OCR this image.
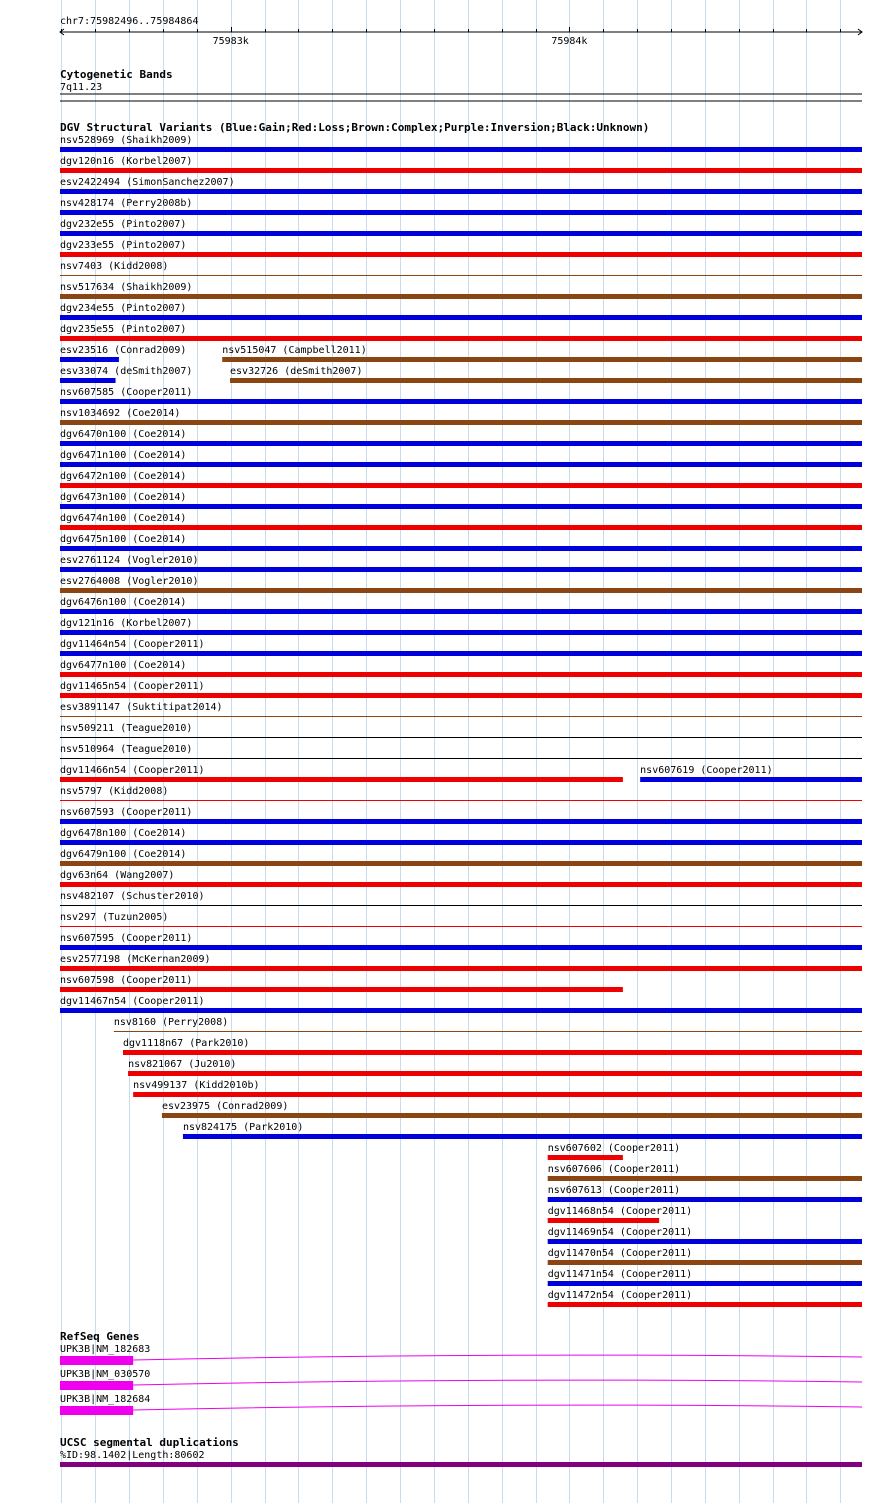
chr7:75982496..75984864
75983k	75984k
Cytogenetic Bands
7q11.23
DGV Structural Variants (Blue:Gain;Red:Loss;Brown:Complex;Purple:Inversion;Black:Unknown)
nsv528969 (Shaikh2009)
dgv120n16 (Korbel2007)
esv2422494 (SimonSanchez2007)
nsv428174 (Perry2008b)
dgv232e55 (Pinto2007)
dgv233e55 (Pinto2007)
nsv7403 (Kidd2008)
nsv517634 (Shaikh2009)
dgv234e55 (Pinto2007)
dgv235e55 (Pinto2007)
esv23516 (Conrad2009)	nsv515047 (Campbell2011)
esv33074 (deSmith2007)	esv32726 (deSmith2007)
nsv607585 (Cooper2011)
nsv1034692 (Coe2014)
dgv6470n100 (Coe2014)
dgv6471n100 (Coe2014)
dgv6472n100 (Coe2014)
dgv6473n100 (Coe2014)
dgv6474n100 (Coe2014)
dgv6475n100 (Coe2014)
esv2761124 (Vogler2010)
esv2764008 (Vogler2010)
dgv6476n100 (Coe2014)
dgv121n16 (Korbel2007)
dgv11464n54 (Cooper2011)
dgv6477n100 (Coe2014)
dgv11465n54 (Cooper2011)
esv3891147 (Suktitipat2014)
nsv509211 (Teague2010)
nsv510964 (Teague2010)
dgv11466n54 (Cooper2011)	nsv607619 (Cooper2011)
nsv5797 (Kidd2008)
nsv607593 (Cooper2011)
dgv6478n100 (Coe2014)
dgv6479n100 (Coe2014)
dgv63n64 (Wang2007)
nsv482107 (Schuster2010)
nsv297 (Tuzun2005)
nsv607595 (Cooper2011)
esv2577198 (McKernan2009)
nsv607598 (Cooper2011)
dgv11467n54 (Cooper2011)
nsv8160 (Perry2008)
dgv1118n67 (Park2010)
nsv821067 (Ju2010)
nsv499137 (Kidd2010b)
esv23975 (Conrad2009)
nsv824175 (Park2010)
nsv607602 (Cooper2011)
nsv607606 (Cooper2011)
nsv607613 (Cooper2011)
dgv11468n54 (Cooper2011)
dgv11469n54 (Cooper2011)
dgv11470n54 (Cooper2011)
dgv11471n54 (Cooper2011)
dgv11472n54 (Cooper2011)
RefSeq Genes
UPK3B|NM_182683
UPK3B|NM_030570
UPK3B|NM_182684
UCSC segmental duplications
%ID:98.1402|Length:80602
